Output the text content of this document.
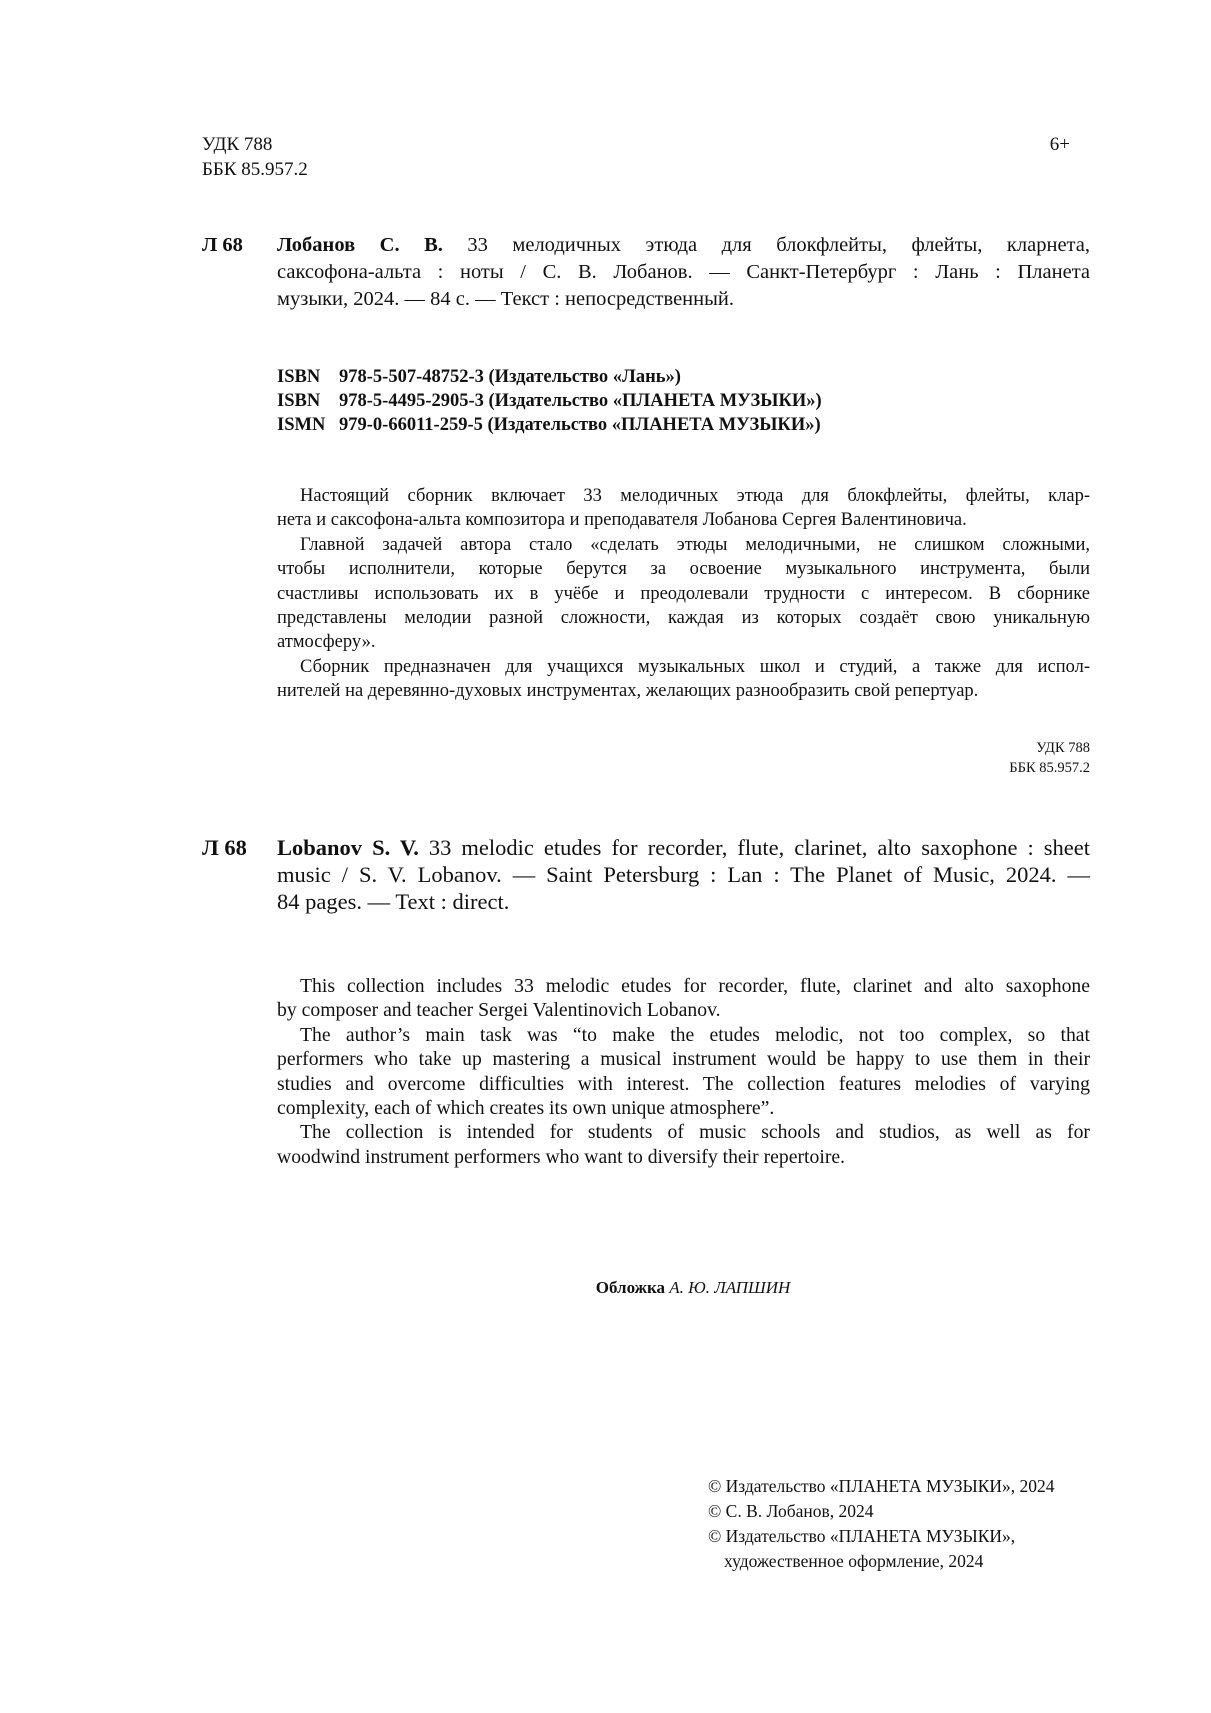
УДК 788
ББК 85.957.2
6+
Л 68 Лобанов С. В. 33 мелодичных этюда для блокфлейты, флейты, кларнета,
саксофона-альта : ноты / С. В. Лобанов. — Санкт-Петербург : Лань : Планета
музыки, 2024. — 84 с. — Текст : непосредственный.
ISBN 978-5-507-48752-3 (Издательство «Лань»)
ISBN 978-5-4495-2905-3 (Издательство «ПЛАНЕТА МУЗЫКИ»)
ISMN 979-0-66011-259-5 (Издательство «ПЛАНЕТА МУЗЫКИ»)

Настоящий сборник включает 33 мелодичных этюда для блокфлейты, флейты, клар-
нета и саксофона-альта композитора и преподавателя Лобанова Сергея Валентиновича.

Главной задачей автора стало «сделать этюды мелодичными, не слишком сложными,
чтобы исполнители, которые берутся за освоение музыкального инструмента, были
счастливы использовать их в учёбе и преодолевали трудности с интересом. В сборнике
представлены мелодии разной сложности, каждая из которых создаёт свою уникальную
атмосферу».

Сборник предназначен для учащихся музыкальных школ и студий, а также для испол-
нителей на деревянно-духовых инструментах, желающих разнообразить свой репертуар.

УДК 788
ББК 85.957.2
Л 68 Lobanov S. V. 33 melodic etudes for recorder, flute, clarinet, alto saxophone : sheet
music / S. V. Lobanov. — Saint Petersburg : Lan : The Planet of Music, 2024. —
84 pages. — Text : direct.

This collection includes 33 melodic etudes for recorder, flute, clarinet and alto saxophone
by composer and teacher Sergei Valentinovich Lobanov.

The author’s main task was “to make the etudes melodic, not too complex, so that
performers who take up mastering a musical instrument would be happy to use them in their
studies and overcome difficulties with interest. The collection features melodies of varying
complexity, each of which creates its own unique atmosphere”.

The collection is intended for students of music schools and studios, as well as for
woodwind instrument performers who want to diversify their repertoire.

Обложка А. Ю. ЛАПШИН
© Издательство «ПЛАНЕТА МУЗЫКИ», 2024
© С. В. Лобанов, 2024
© Издательство «ПЛАНЕТА МУЗЫКИ»,
художественное оформление, 2024
